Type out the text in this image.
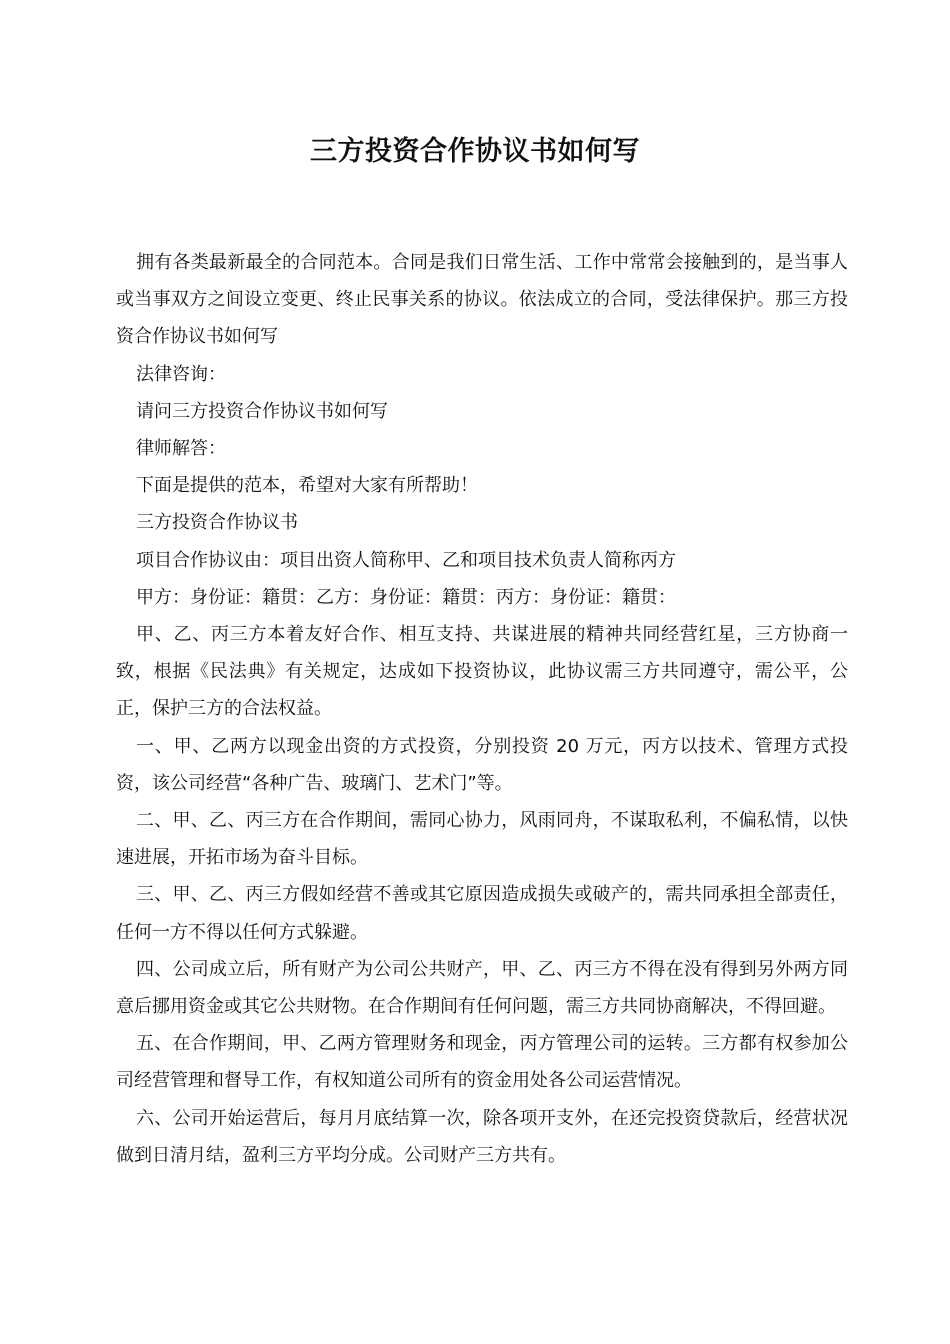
三方投资合作协议书如何写

拥有各类最新最全的合同范本。合同是我们日常生活、工作中常常会接触到的，是当事人或当事双方之间设立变更、终止民事关系的协议。依法成立的合同，受法律保护。那三方投资合作协议书如何写

法律咨询：

请问三方投资合作协议书如何写

律师解答：

下面是提供的范本，希望对大家有所帮助！

三方投资合作协议书

项目合作协议由：项目出资人简称甲、乙和项目技术负责人简称丙方

甲方：身份证：籍贯：乙方：身份证：籍贯：丙方：身份证：籍贯：

甲、乙、丙三方本着友好合作、相互支持、共谋进展的精神共同经营红星，三方协商一致，根据《民法典》有关规定，达成如下投资协议，此协议需三方共同遵守，需公平，公正，保护三方的合法权益。

一、甲、乙两方以现金出资的方式投资，分别投资 20 万元，丙方以技术、管理方式投资，该公司经营“各种广告、玻璃门、艺术门”等。

二、甲、乙、丙三方在合作期间，需同心协力，风雨同舟，不谋取私利，不偏私情，以快速进展，开拓市场为奋斗目标。

三、甲、乙、丙三方假如经营不善或其它原因造成损失或破产的，需共同承担全部责任，任何一方不得以任何方式躲避。

四、公司成立后，所有财产为公司公共财产，甲、乙、丙三方不得在没有得到另外两方同意后挪用资金或其它公共财物。在合作期间有任何问题，需三方共同协商解决，不得回避。

五、在合作期间，甲、乙两方管理财务和现金，丙方管理公司的运转。三方都有权参加公司经营管理和督导工作，有权知道公司所有的资金用处各公司运营情况。

六、公司开始运营后，每月月底结算一次，除各项开支外，在还完投资贷款后，经营状况做到日清月结，盈利三方平均分成。公司财产三方共有。
